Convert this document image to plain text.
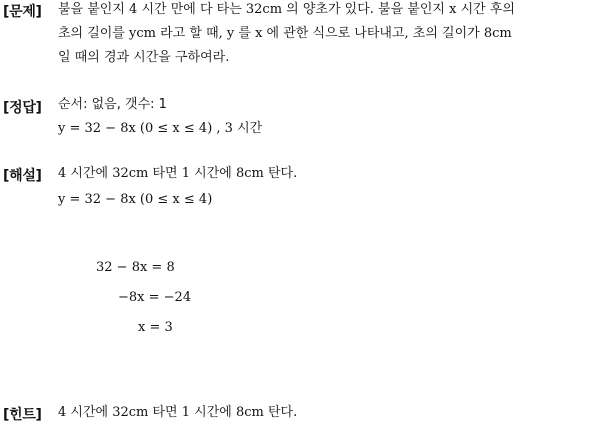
[문제] 불을 붙인지 4 시간 만에 다 타는 32cm 의 양초가 있다. 불을 붙인지 x 시간 후의
초의 길이를 ycm 라고 할 때, y 를 x 에 관한 식으로 나타내고, 초의 길이가 8cm
일 때의 경과 시간을 구하여라.
[정답] 순서: 없음, 갯수: 1
y = 32 − 8x (0 ≤ x ≤ 4) , 3 시간
[해설] 4 시간에 32cm 타면 1 시간에 8cm 탄다.
y = 32 − 8x (0 ≤ x ≤ 4)
32 − 8x = 8
−8x = −24
x = 3
[힌트] 4 시간에 32cm 타면 1 시간에 8cm 탄다.
